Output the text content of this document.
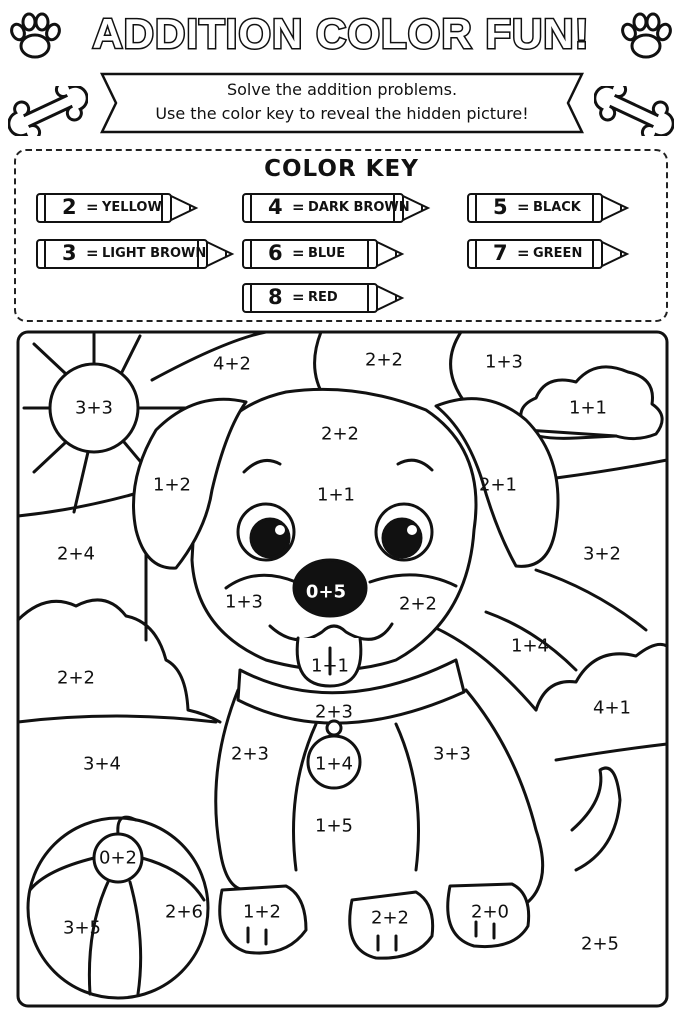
ADDITION COLOR FUN!
Solve the addition problems.
Use the color key to reveal the hidden picture!
COLOR KEY
2 = YELLOW	4 = DARK BROWN	5 = BLACK
3 = LIGHT BROWN	6 = BLUE	7 = GREEN
8 = RED
4+2	2+2	1+3
3+3	1+1
2+2
1+2	1+1	2+1
2+4	3+2
0+5
1+3	2+2
1+4
1+1
2+2
4+1
2+3
2+3	1+4	3+3
3+4
1+5
0+2
2+6
3+5
1+2	2+2	2+0
2+5
